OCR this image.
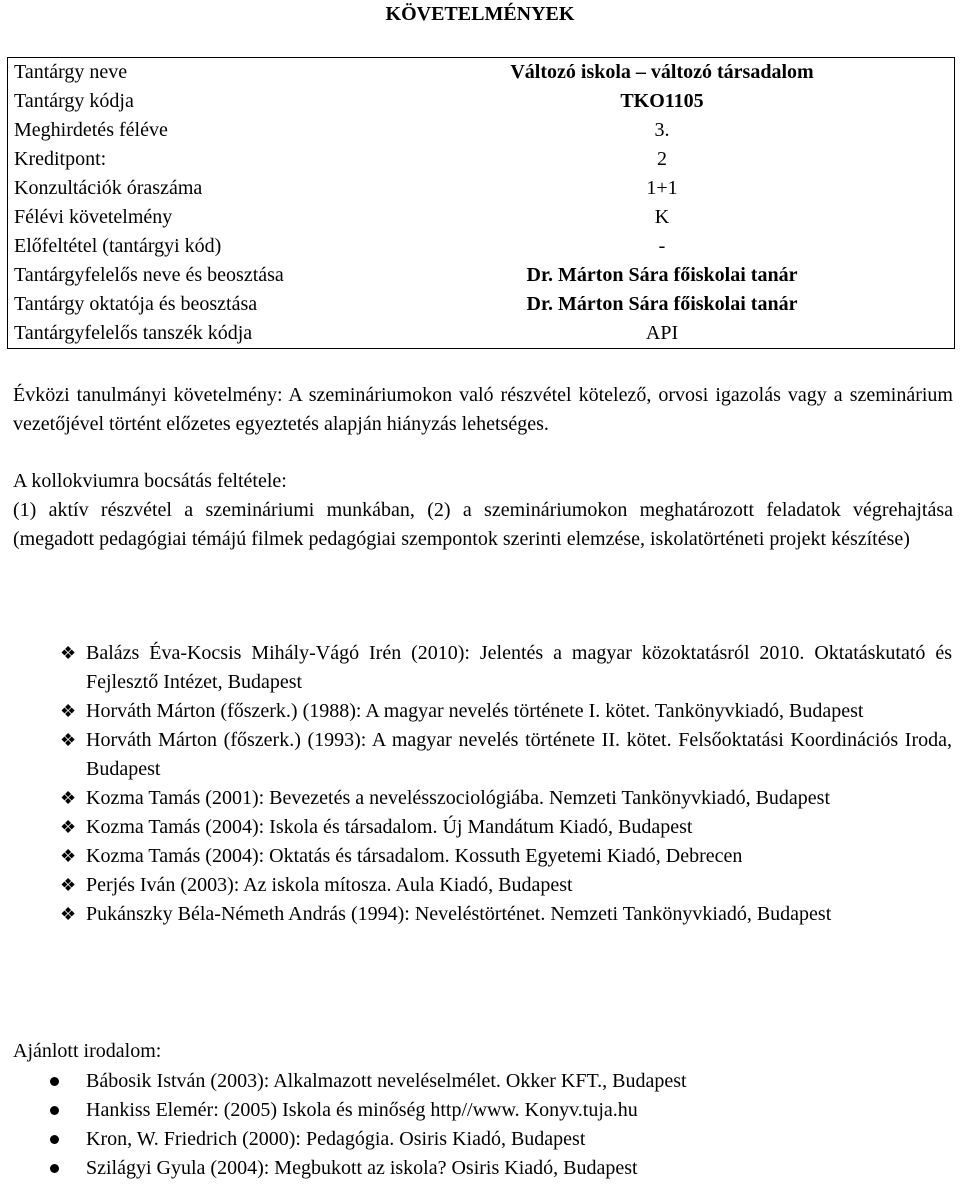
KÖVETELMÉNYEK
Tantárgy neve	Változó iskola – változó társadalom
Tantárgy kódja	TKO1105
Meghirdetés féléve	3.
Kreditpont:	2
Konzultációk óraszáma	1+1
Félévi követelmény	K
Előfeltétel (tantárgyi kód)	-
Tantárgyfelelős neve és beosztása	Dr. Márton Sára főiskolai tanár
Tantárgy oktatója és beosztása	Dr. Márton Sára főiskolai tanár
Tantárgyfelelős tanszék kódja	API
Évközi tanulmányi követelmény: A szemináriumokon való részvétel kötelező, orvosi igazolás vagy a szeminárium vezetőjével történt előzetes egyeztetés alapján hiányzás lehetséges.
A kollokviumra bocsátás feltétele:
(1) aktív részvétel a szemináriumi munkában, (2) a szemináriumokon meghatározott feladatok végrehajtása (megadott pedagógiai témájú filmek pedagógiai szempontok szerinti elemzése, iskolatörténeti projekt készítése)
❖ Balázs Éva-Kocsis Mihály-Vágó Irén (2010): Jelentés a magyar közoktatásról 2010. Oktatáskutató és Fejlesztő Intézet, Budapest
❖ Horváth Márton (főszerk.) (1988): A magyar nevelés története I. kötet. Tankönyvkiadó, Budapest
❖ Horváth Márton (főszerk.) (1993): A magyar nevelés története II. kötet. Felsőoktatási Koordinációs Iroda, Budapest
❖ Kozma Tamás (2001): Bevezetés a neveléssz​ociológiába. Nemzeti Tankönyvkiadó, Budapest
❖ Kozma Tamás (2004): Iskola és társadalom. Új Mandátum Kiadó, Budapest
❖ Kozma Tamás (2004): Oktatás és társadalom. Kossuth Egyetemi Kiadó, Debrecen
❖ Perjés Iván (2003): Az iskola mítosza. Aula Kiadó, Budapest
❖ Pukánszky Béla-Németh András (1994): Neveléstörténet. Nemzeti Tankönyvkiadó, Budapest
Ajánlott irodalom:
Bábosik István (2003): Alkalmazott neveléselmélet. Okker KFT., Budapest
Hankiss Elemér: (2005) Iskola és minőség http//www. Konyv.tuja.hu
Kron, W. Friedrich (2000): Pedagógia. Osiris Kiadó, Budapest
Szilágyi Gyula (2004): Megbukott az iskola? Osiris Kiadó, Budapest
